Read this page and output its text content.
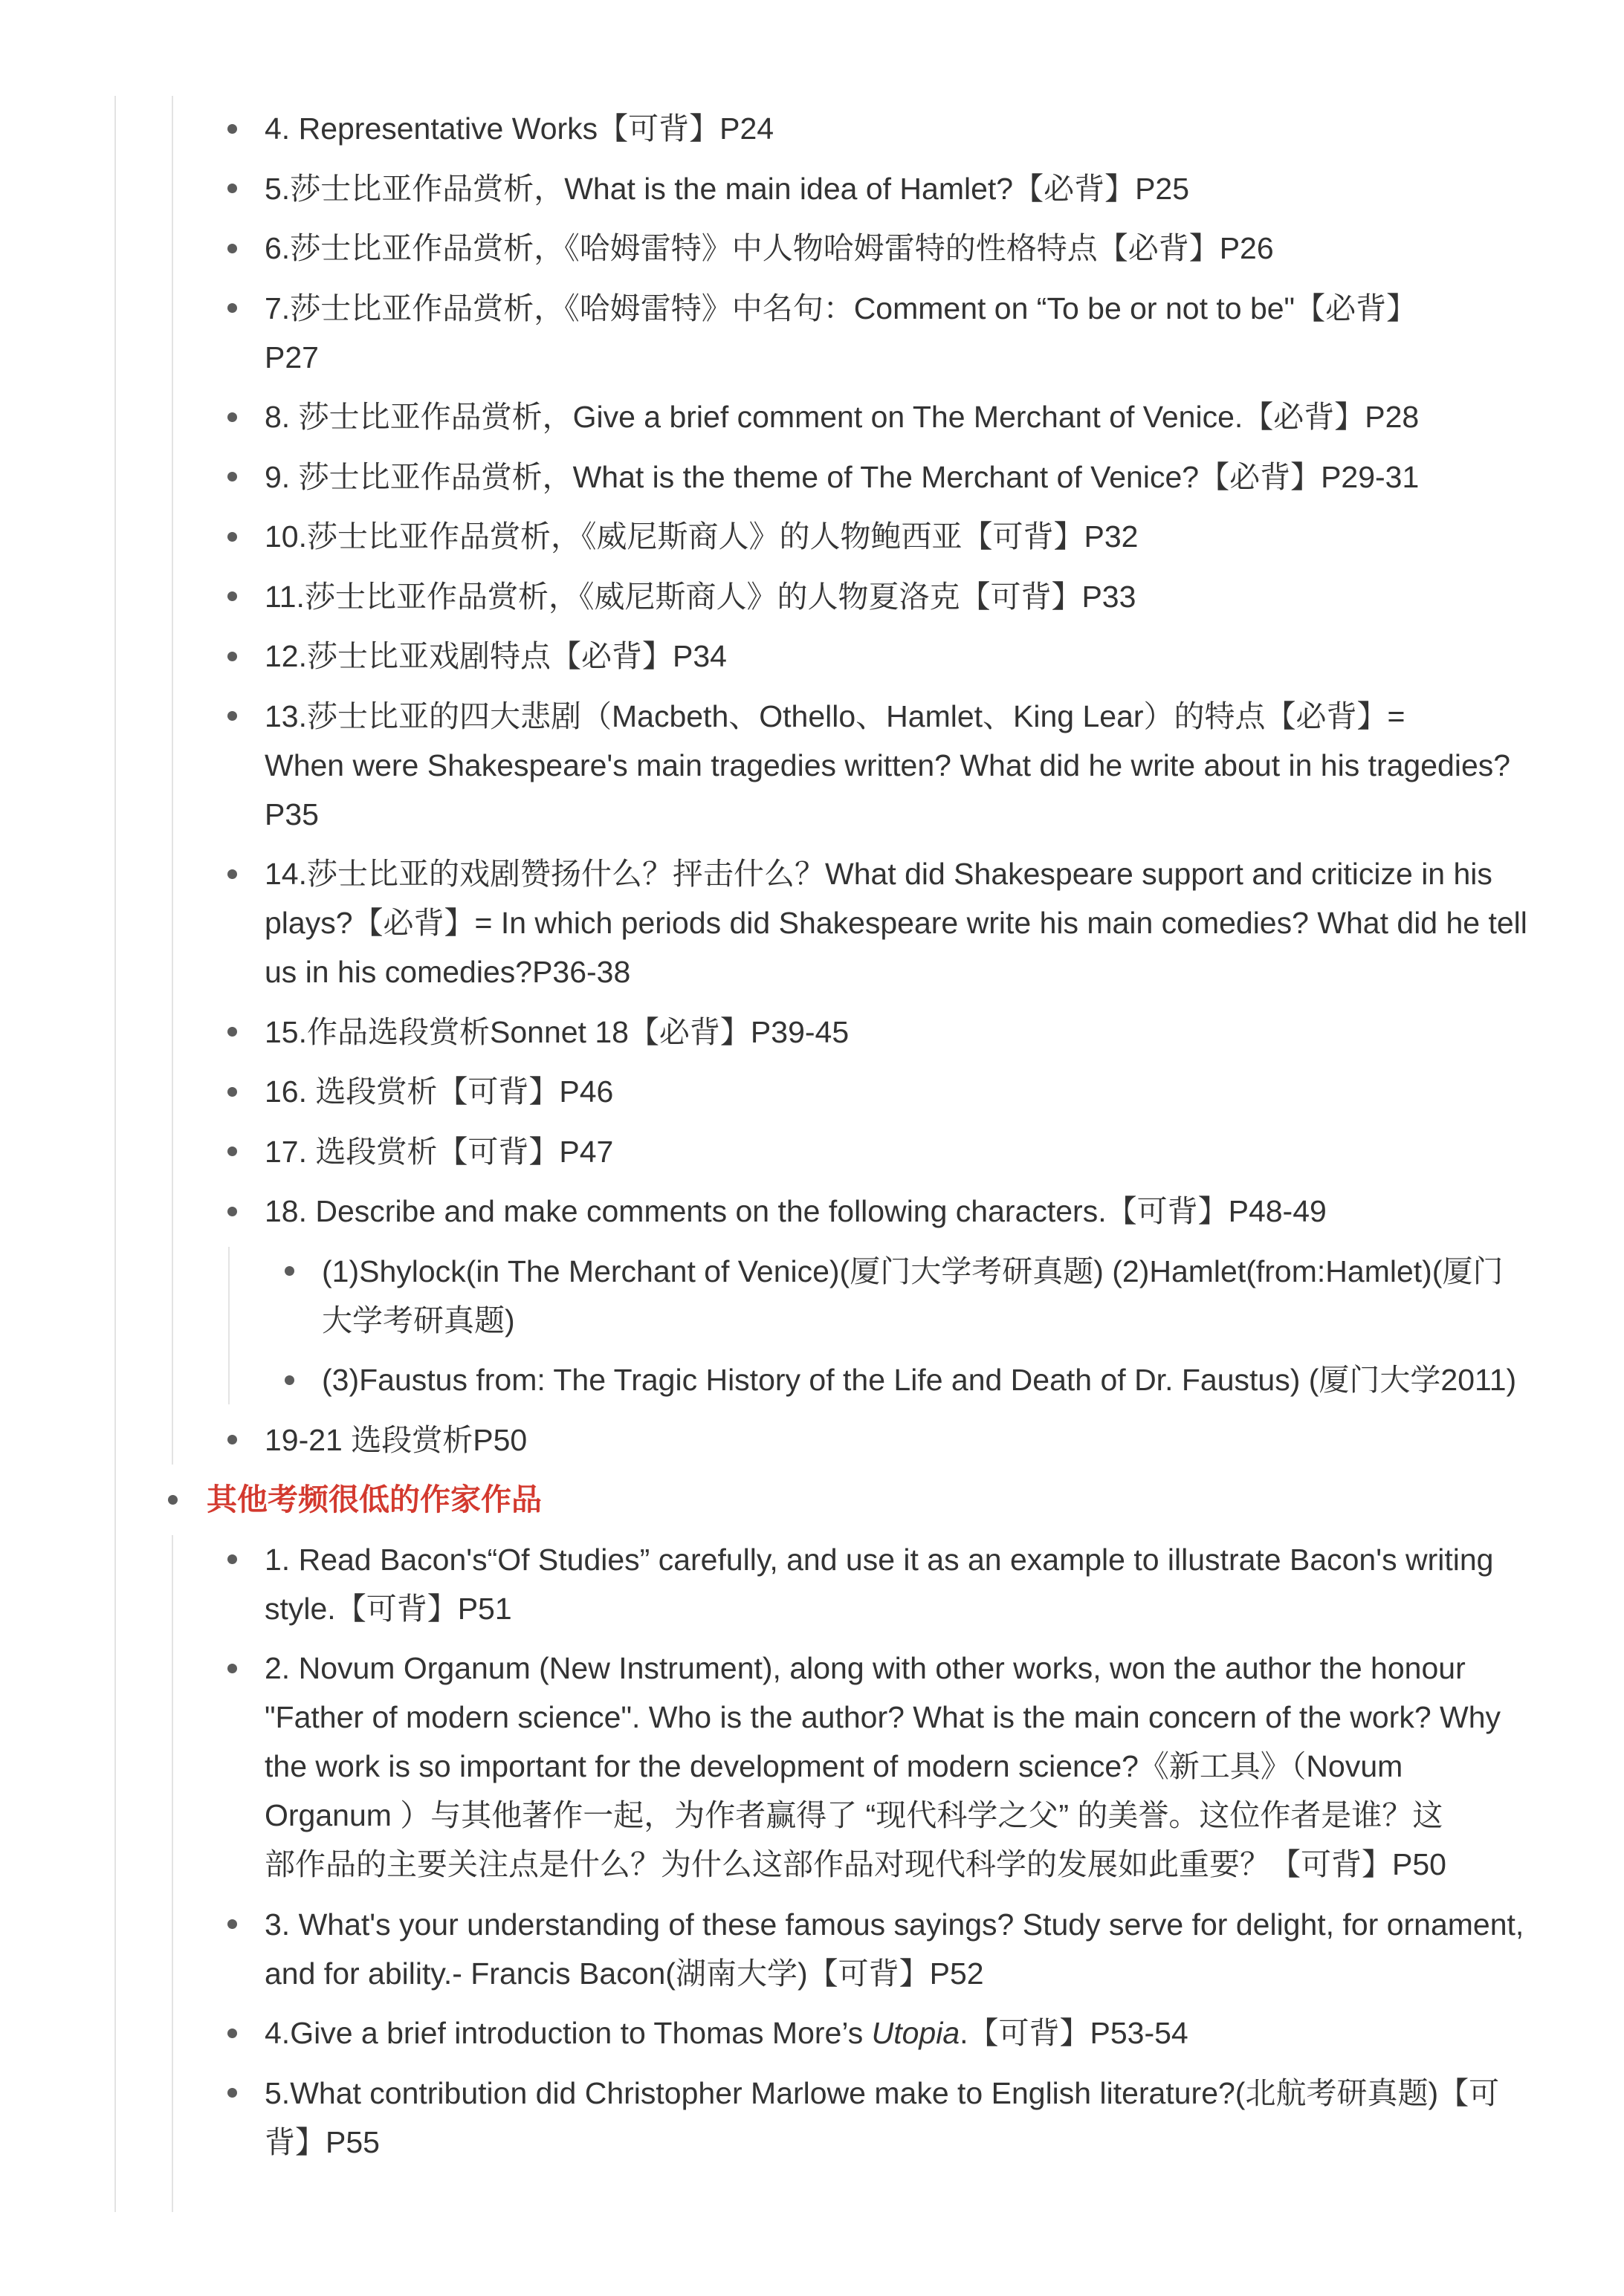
4. Representative Works【可背】P24
5.莎士比亚作品赏析，What is the main idea of Hamlet?【必背】P25
6.莎士比亚作品赏析，《哈姆雷特》中人物哈姆雷特的性格特点【必背】P26
7.莎士比亚作品赏析，《哈姆雷特》中名句：Comment on “To be or not to be"【必背】
P27
8. 莎士比亚作品赏析，Give a brief comment on The Merchant of Venice.【必背】P28
9. 莎士比亚作品赏析，What is the theme of The Merchant of Venice?【必背】P29-31
10.莎士比亚作品赏析，《威尼斯商人》的人物鲍西亚【可背】P32
11.莎士比亚作品赏析，《威尼斯商人》的人物夏洛克【可背】P33
12.莎士比亚戏剧特点【必背】P34
13.莎士比亚的四大悲剧（Macbeth、Othello、Hamlet、King Lear）的特点【必背】=
When were Shakespeare's main tragedies written? What did he write about in his tragedies?
P35
14.莎士比亚的戏剧赞扬什么？抨击什么？What did Shakespeare support and criticize in his
plays?【必背】= In which periods did Shakespeare write his main comedies? What did he tell
us in his comedies?P36-38
15.作品选段赏析Sonnet 18【必背】P39-45
16. 选段赏析【可背】P46
17. 选段赏析【可背】P47
18. Describe and make comments on the following characters.【可背】P48-49
(1)Shylock(in The Merchant of Venice)(厦门大学考研真题) (2)Hamlet(from:Hamlet)(厦门
大学考研真题)
(3)Faustus from: The Tragic History of the Life and Death of Dr. Faustus) (厦门大学2011)
19-21 选段赏析P50
其他考频很低的作家作品
1. Read Bacon's“Of Studies” carefully, and use it as an example to illustrate Bacon's writing
style.【可背】P51
2. Novum Organum (New Instrument), along with other works, won the author the honour
"Father of modern science". Who is the author? What is the main concern of the work? Why
the work is so important for the development of modern science?《新工具》（Novum
Organum ）与其他著作一起，为作者赢得了 “现代科学之父” 的美誉。这位作者是谁？这
部作品的主要关注点是什么？为什么这部作品对现代科学的发展如此重要？【可背】P50
3. What's your understanding of these famous sayings? Study serve for delight, for ornament,
and for ability.- Francis Bacon(湖南大学)【可背】P52
4.Give a brief introduction to Thomas More’s Utopia.【可背】P53-54
5.What contribution did Christopher Marlowe make to English literature?(北航考研真题)【可
背】P55
